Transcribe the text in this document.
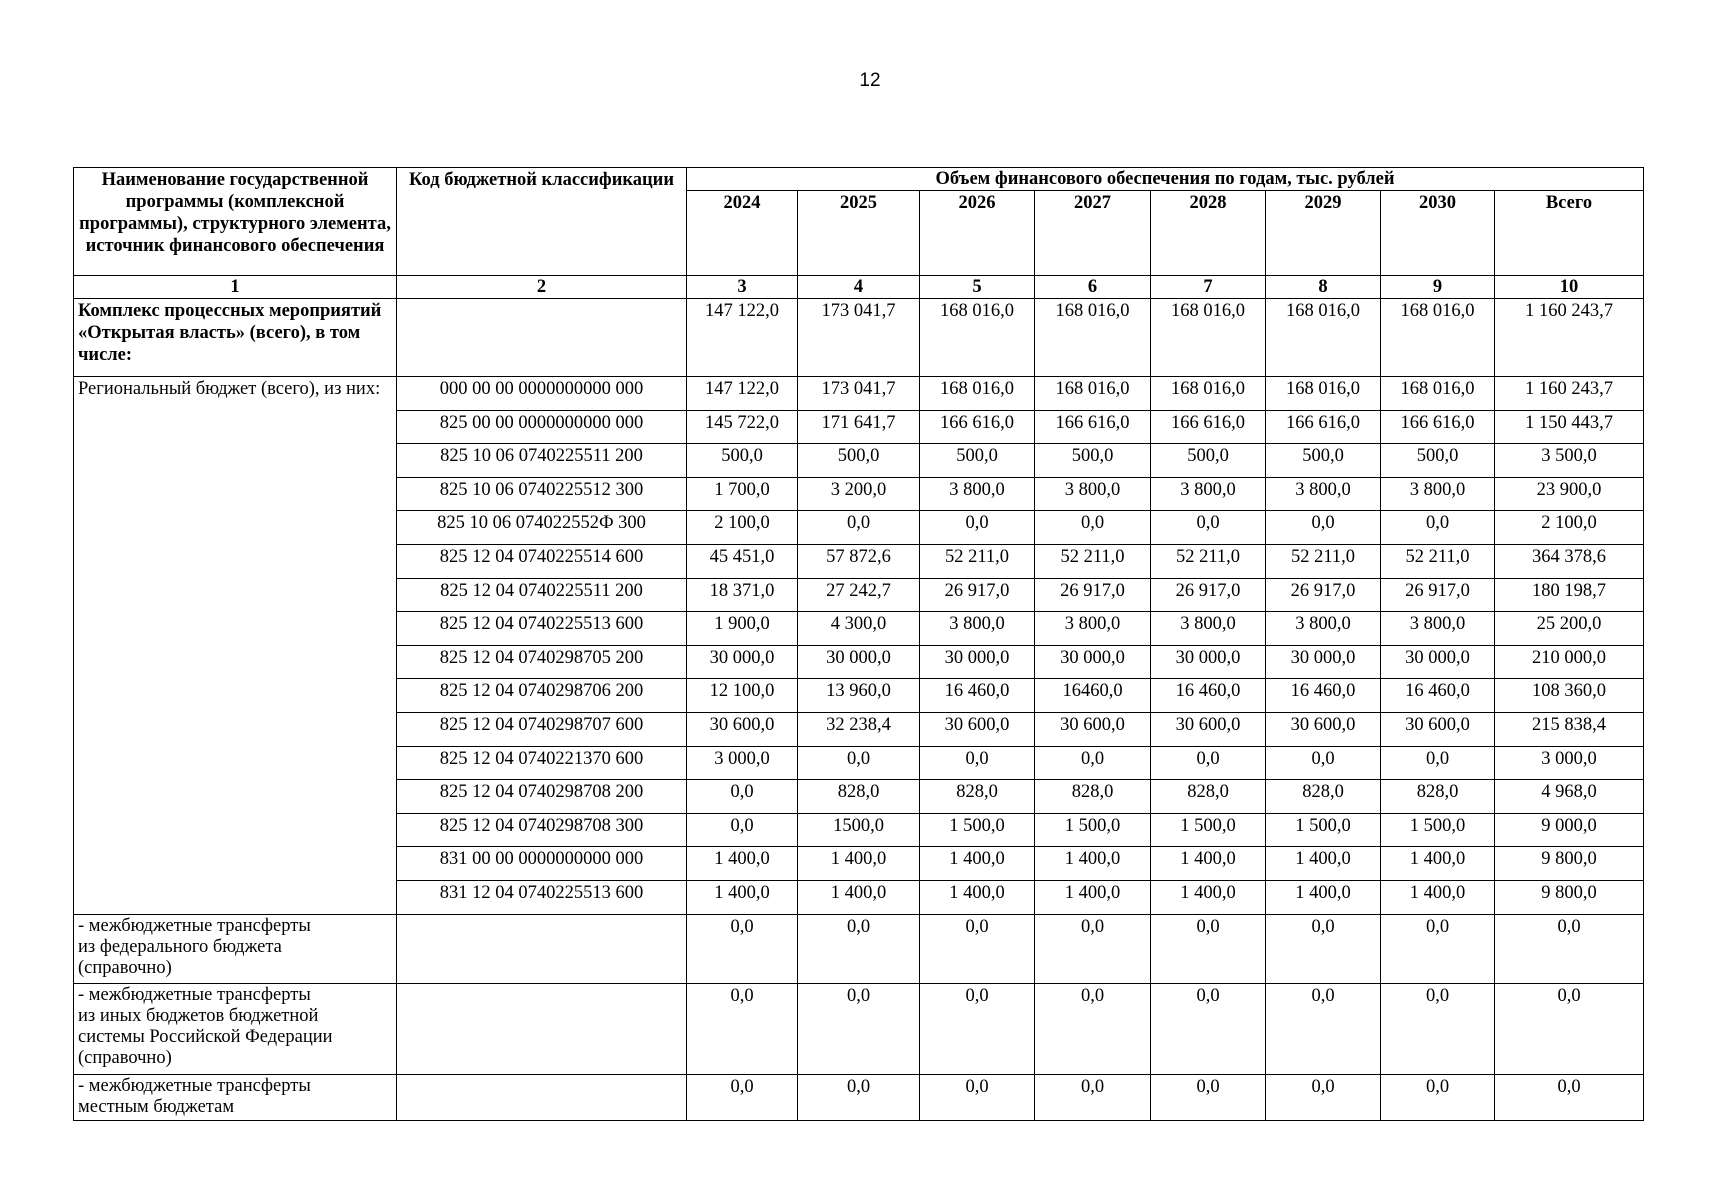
12
Наименование государственной программы (комплексной программы), структурного элемента, источник финансового обеспечения	Код бюджетной классификации	Объем финансового обеспечения по годам, тыс. рублей							
		2024	2025	2026	2027	2028	2029	2030	Всего
1	2	3	4	5	6	7	8	9	10
Комплекс процессных мероприятий «Открытая власть» (всего), в том числе:		147 122,0	173 041,7	168 016,0	168 016,0	168 016,0	168 016,0	168 016,0	1 160 243,7
Региональный бюджет (всего), из них:	000 00 00 0000000000 000	147 122,0	173 041,7	168 016,0	168 016,0	168 016,0	168 016,0	168 016,0	1 160 243,7
	825 00 00 0000000000 000	145 722,0	171 641,7	166 616,0	166 616,0	166 616,0	166 616,0	166 616,0	1 150 443,7
	825 10 06 0740225511 200	500,0	500,0	500,0	500,0	500,0	500,0	500,0	3 500,0
	825 10 06 0740225512 300	1 700,0	3 200,0	3 800,0	3 800,0	3 800,0	3 800,0	3 800,0	23 900,0
	825 10 06 074022552Ф 300	2 100,0	0,0	0,0	0,0	0,0	0,0	0,0	2 100,0
	825 12 04 0740225514 600	45 451,0	57 872,6	52 211,0	52 211,0	52 211,0	52 211,0	52 211,0	364 378,6
	825 12 04 0740225511 200	18 371,0	27 242,7	26 917,0	26 917,0	26 917,0	26 917,0	26 917,0	180 198,7
	825 12 04 0740225513 600	1 900,0	4 300,0	3 800,0	3 800,0	3 800,0	3 800,0	3 800,0	25 200,0
	825 12 04 0740298705 200	30 000,0	30 000,0	30 000,0	30 000,0	30 000,0	30 000,0	30 000,0	210 000,0
	825 12 04 0740298706 200	12 100,0	13 960,0	16 460,0	16460,0	16 460,0	16 460,0	16 460,0	108 360,0
	825 12 04 0740298707 600	30 600,0	32 238,4	30 600,0	30 600,0	30 600,0	30 600,0	30 600,0	215 838,4
	825 12 04 0740221370 600	3 000,0	0,0	0,0	0,0	0,0	0,0	0,0	3 000,0
	825 12 04 0740298708 200	0,0	828,0	828,0	828,0	828,0	828,0	828,0	4 968,0
	825 12 04 0740298708 300	0,0	1500,0	1 500,0	1 500,0	1 500,0	1 500,0	1 500,0	9 000,0
	831 00 00 0000000000 000	1 400,0	1 400,0	1 400,0	1 400,0	1 400,0	1 400,0	1 400,0	9 800,0
	831 12 04 0740225513 600	1 400,0	1 400,0	1 400,0	1 400,0	1 400,0	1 400,0	1 400,0	9 800,0

- межбюджетные трансферты
из федерального бюджета
(справочно)		0,0	0,0	0,0	0,0	0,0	0,0	0,0	0,0

- межбюджетные трансферты
из иных бюджетов бюджетной
системы Российской Федерации
(справочно)		0,0	0,0	0,0	0,0	0,0	0,0	0,0	0,0

- межбюджетные трансферты
местным бюджетам		0,0	0,0	0,0	0,0	0,0	0,0	0,0	0,0
